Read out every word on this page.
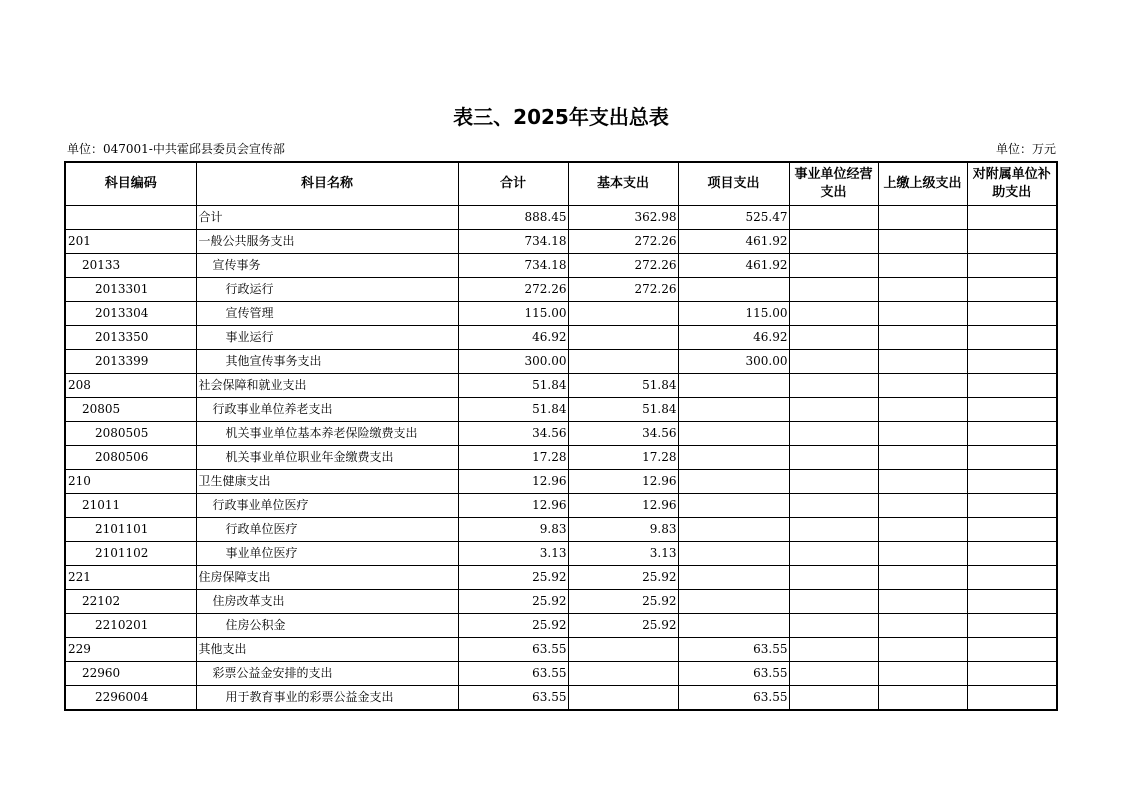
表三、2025年支出总表
单位：047001-中共霍邱县委员会宣传部	单位：万元
科目编码	科目名称	合计	基本支出	项目支出	事业单位经营支出	上缴上级支出	对附属单位补助支出
	合计	888.45	362.98	525.47			
201	一般公共服务支出	734.18	272.26	461.92			
20133	宣传事务	734.18	272.26	461.92			
2013301	行政运行	272.26	272.26				
2013304	宣传管理	115.00		115.00			
2013350	事业运行	46.92		46.92			
2013399	其他宣传事务支出	300.00		300.00			
208	社会保障和就业支出	51.84	51.84				
20805	行政事业单位养老支出	51.84	51.84				
2080505	机关事业单位基本养老保险缴费支出	34.56	34.56				
2080506	机关事业单位职业年金缴费支出	17.28	17.28				
210	卫生健康支出	12.96	12.96				
21011	行政事业单位医疗	12.96	12.96				
2101101	行政单位医疗	9.83	9.83				
2101102	事业单位医疗	3.13	3.13				
221	住房保障支出	25.92	25.92				
22102	住房改革支出	25.92	25.92				
2210201	住房公积金	25.92	25.92				
229	其他支出	63.55		63.55			
22960	彩票公益金安排的支出	63.55		63.55			
2296004	用于教育事业的彩票公益金支出	63.55		63.55			
